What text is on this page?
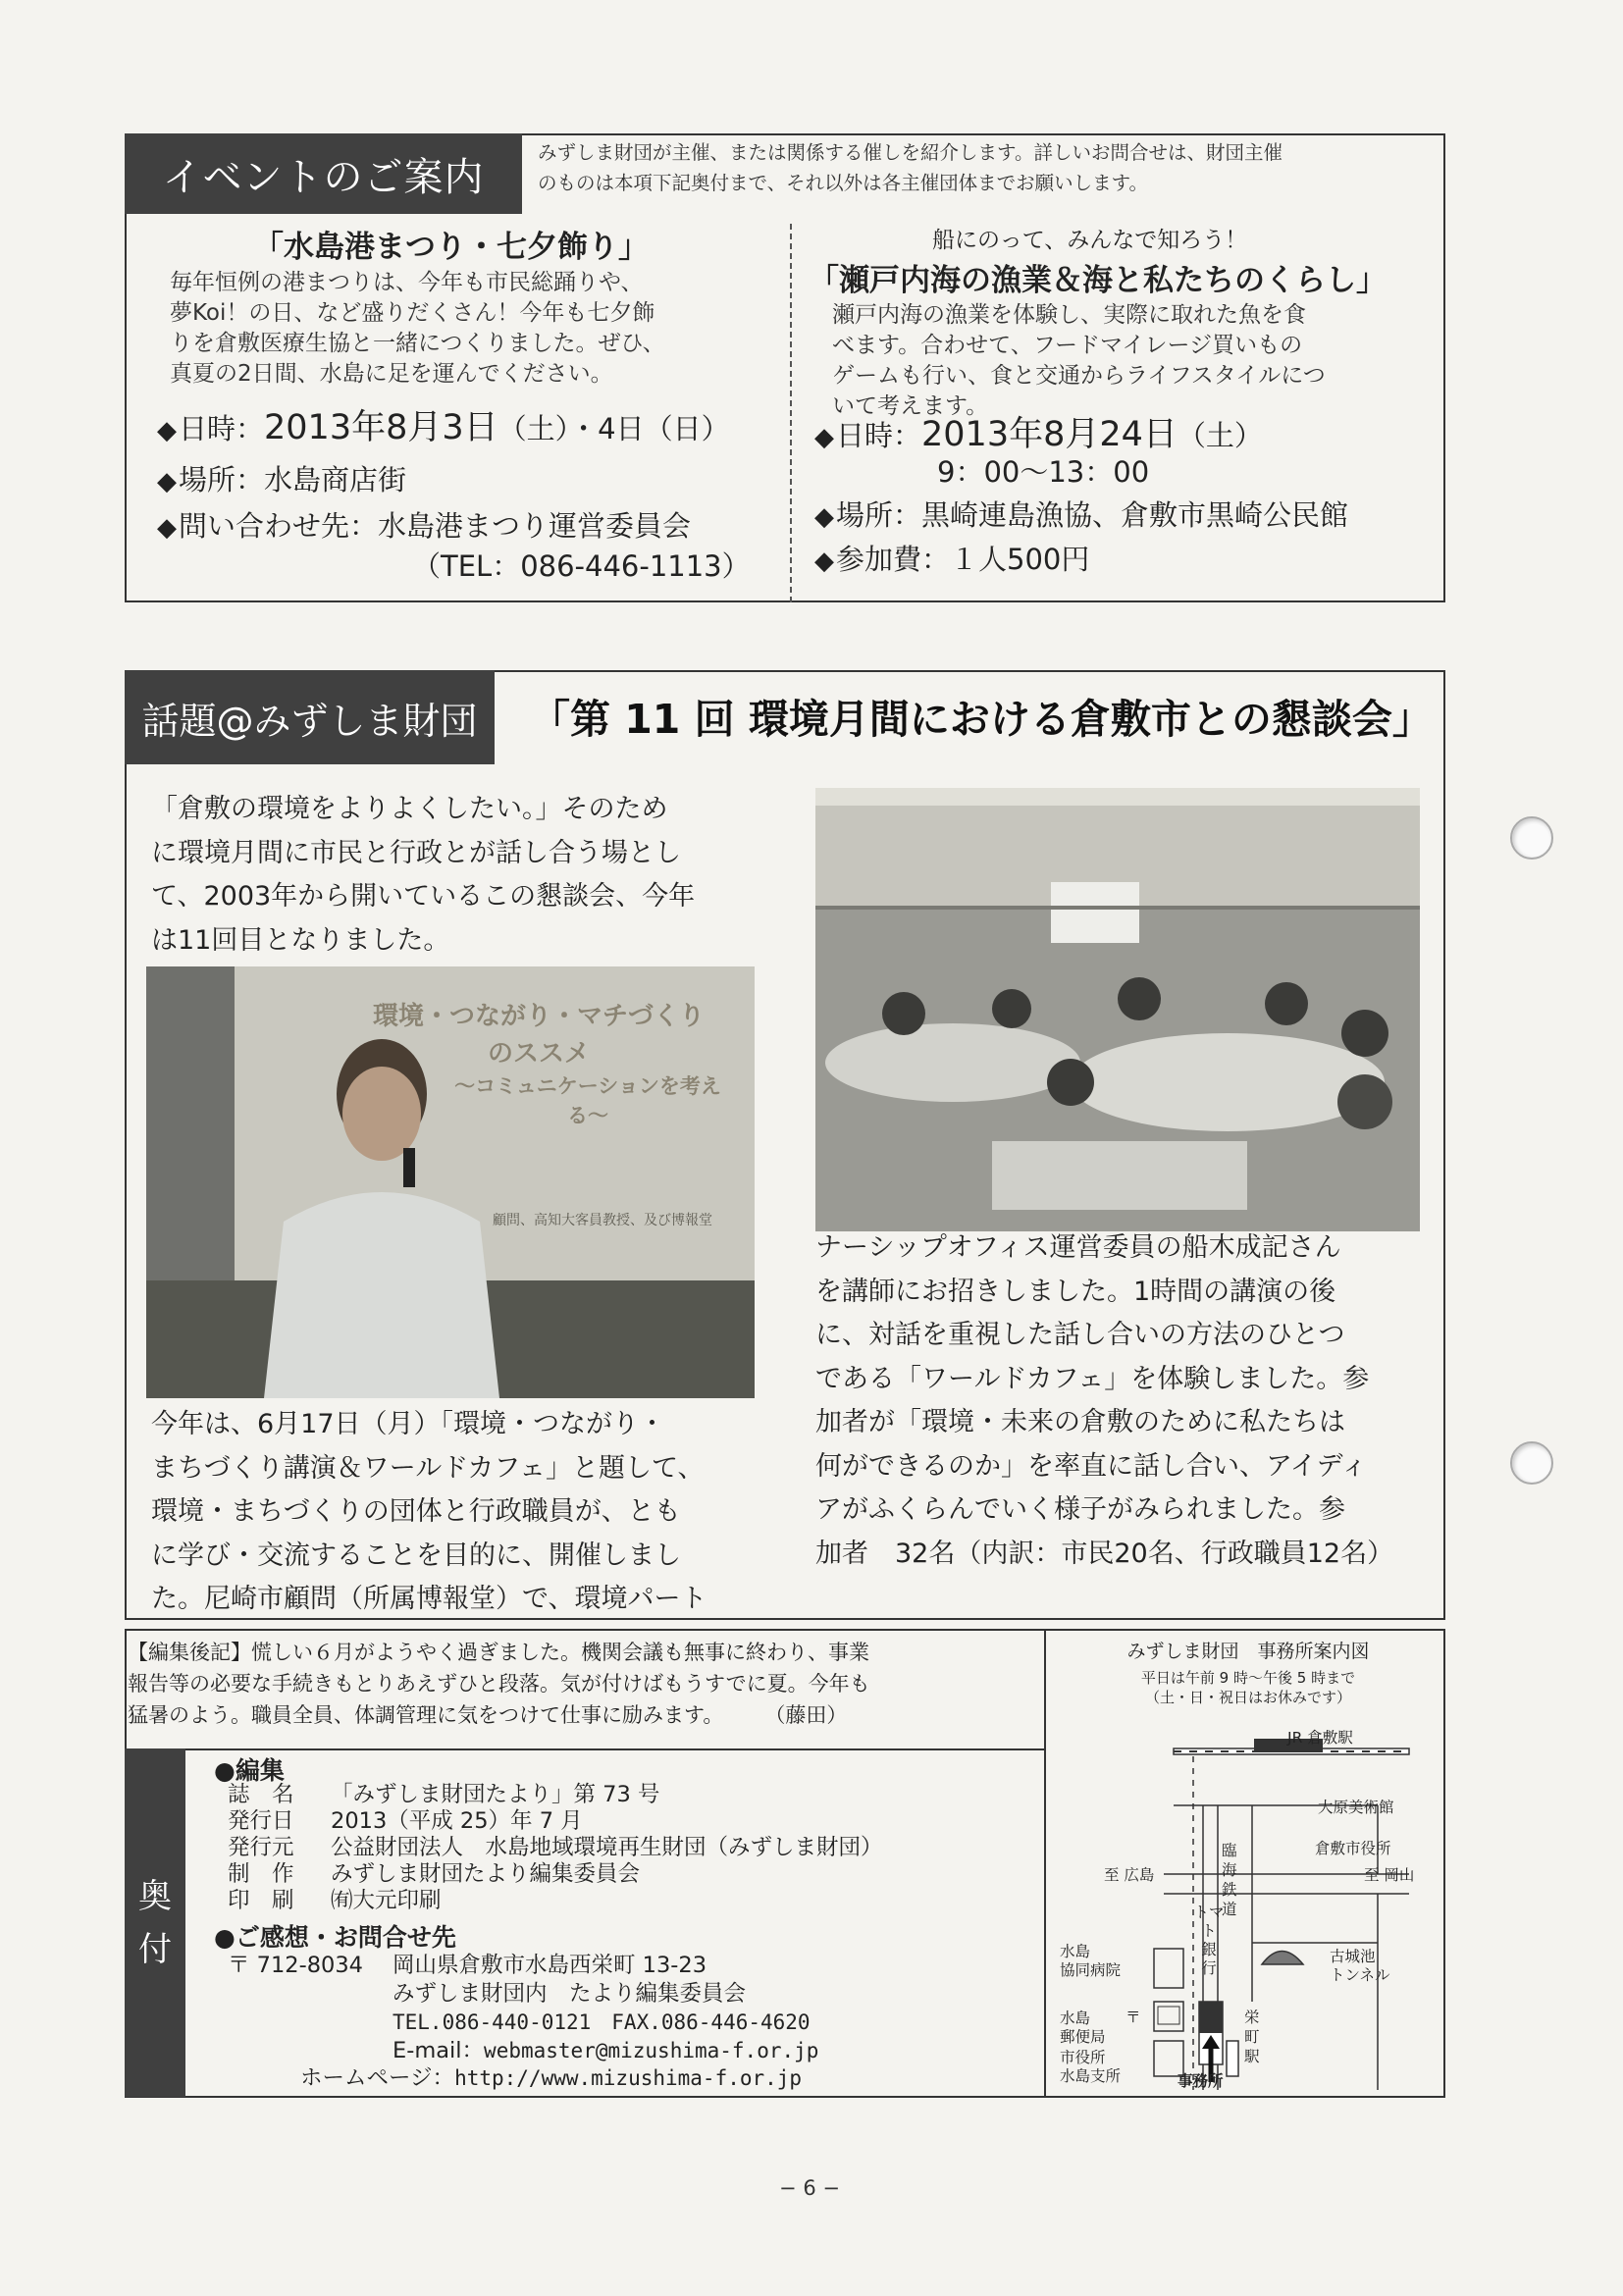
イベントのご案内
みずしま財団が主催、または関係する催しを紹介します。詳しいお問合せは、財団主催
のものは本項下記奥付まで、それ以外は各主催団体までお願いします。
「水島港まつり・七夕飾り」
毎年恒例の港まつりは、今年も市民総踊りや、
夢Koi！の日、など盛りだくさん！今年も七夕飾
りを倉敷医療生協と一緒につくりました。ぜひ、
真夏の2日間、水島に足を運んでください。
◆日時：2013年8月3日（土）・4日（日）
◆場所：水島商店街
◆問い合わせ先：水島港まつり運営委員会
（TEL：086-446-1113）
船にのって、みんなで知ろう！
「瀬戸内海の漁業＆海と私たちのくらし」
瀬戸内海の漁業を体験し、実際に取れた魚を食
べます。合わせて、フードマイレージ買いもの
ゲームも行い、食と交通からライフスタイルにつ
いて考えます。
◆日時：2013年8月24日（土）
9：00〜13：00
◆場所：黒崎連島漁協、倉敷市黒崎公民館
◆参加費：１人500円
話題@みずしま財団	「第 11 回 環境月間における倉敷市との懇談会」
「倉敷の環境をよりよくしたい。」そのため
に環境月間に市民と行政とが話し合う場とし
て、2003年から開いているこの懇談会、今年
は11回目となりました。
環境・つながり・マチづくり
のススメ
〜コミュニケーションを考える〜
顧問、高知大客員教授、及び博報堂
今年は、6月17日（月）「環境・つながり・
まちづくり講演＆ワールドカフェ」と題して、
環境・まちづくりの団体と行政職員が、とも
に学び・交流することを目的に、開催しまし
た。尼崎市顧問（所属博報堂）で、環境パート
ナーシップオフィス運営委員の船木成記さん
を講師にお招きしました。1時間の講演の後
に、対話を重視した話し合いの方法のひとつ
である「ワールドカフェ」を体験しました。参
加者が「環境・未来の倉敷のために私たちは
何ができるのか」を率直に話し合い、アイディ
アがふくらんでいく様子がみられました。参
加者　32名（内訳：市民20名、行政職員12名）
【編集後記】慌しい６月がようやく過ぎました。機関会議も無事に終わり、事業
報告等の必要な手続きもとりあえずひと段落。気が付けばもうすでに夏。今年も
猛暑のよう。職員全員、体調管理に気をつけて仕事に励みます。　　　（藤田）
奥
付
●編集
誌　名 「みずしま財団たより」第 73 号
発行日 2013（平成 25）年 7 月
発行元 公益財団法人　水島地域環境再生財団（みずしま財団）
制　作 みずしま財団たより編集委員会
印　刷 ㈲大元印刷
●ご感想・お問合せ先
〒 712-8034 岡山県倉敷市水島西栄町 13-23
みずしま財団内　たより編集委員会
TEL.086-440-0121　FAX.086-446-4620
E-mail：webmaster@mizushima-f.or.jp
ホームページ：http://www.mizushima-f.or.jp
みずしま財団　事務所案内図
平日は午前 9 時〜午後 5 時まで
（土・日・祝日はお休みです）
JR 倉敷駅
大原美術館
倉敷市役所
至 広島	至 岡山
臨
海
鉄
道
トマト
銀
行
古城池
トンネル
水島
協同病院
水島
郵便局
〒
市役所
水島支所
栄
町
駅
事務所
− 6 −
